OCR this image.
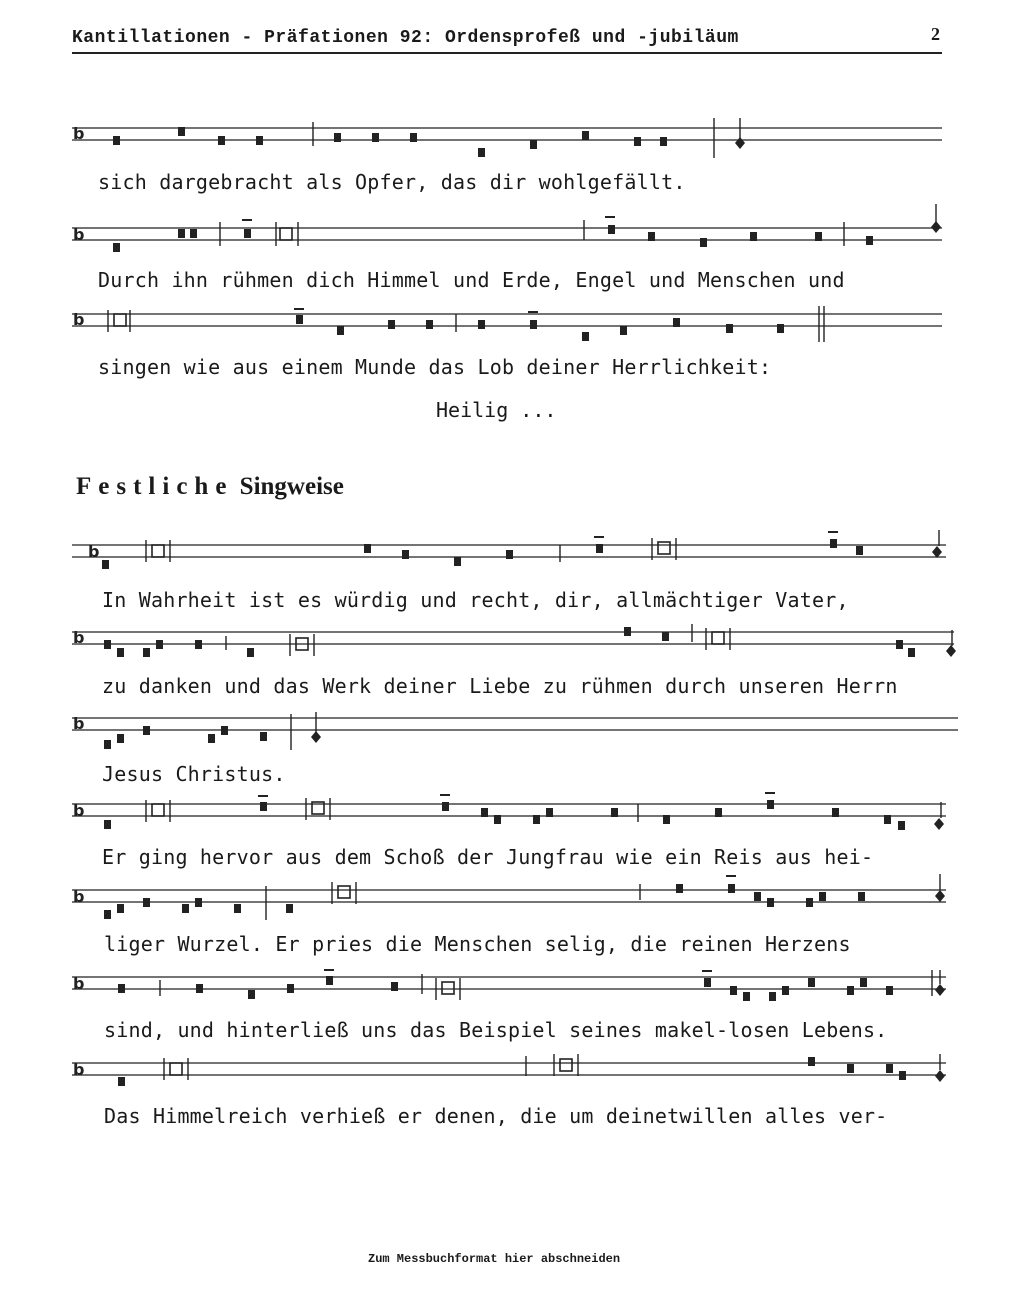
Kantillationen - Präfationen 92: Ordensprofeß und -jubiläum	2
b
b
b
b
b
b
b
b
b
b
sich dargebracht als Opfer, das dir wohlgefällt.
Durch ihn rühmen dich Himmel und Erde, Engel und Menschen und
singen wie aus einem Munde das Lob deiner Herrlichkeit:
Heilig ...
Festliche Singweise
In Wahrheit ist es würdig und recht, dir, allmächtiger Vater,
zu danken und das Werk deiner Liebe zu rühmen durch unseren Herrn
Jesus Christus.
Er ging hervor aus dem Schoß der Jungfrau wie ein Reis aus hei-
liger Wurzel. Er pries die Menschen selig, die reinen Herzens
sind, und hinterließ uns das Beispiel seines makel-losen Lebens.
Das Himmelreich verhieß er denen, die um deinetwillen alles ver-
Zum Messbuchformat hier abschneiden
